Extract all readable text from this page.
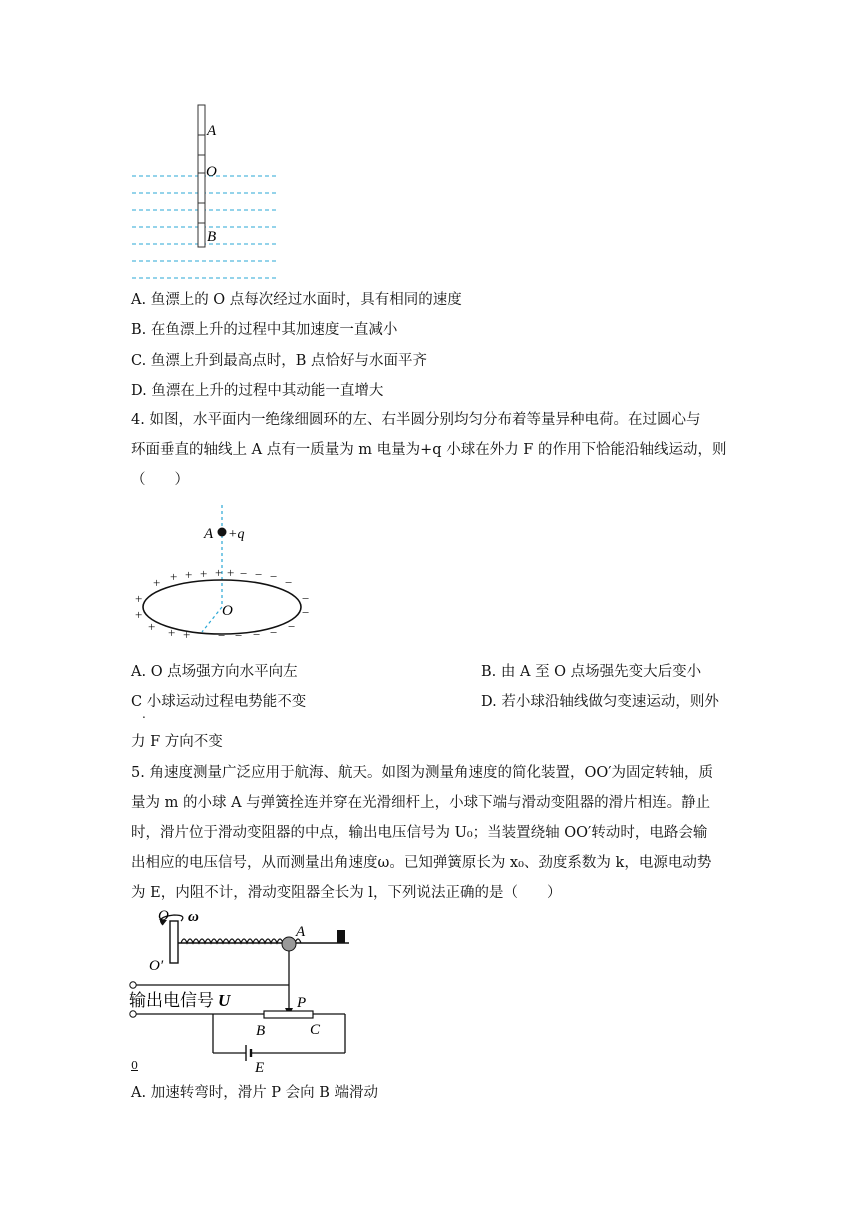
A
O
B
A. 鱼漂上的 O 点每次经过水面时，具有相同的速度
B. 在鱼漂上升的过程中其加速度一直减小
C. 鱼漂上升到最高点时，B 点恰好与水面平齐
D. 鱼漂在上升的过程中其动能一直增大
4. 如图，水平面内一绝缘细圆环的左、右半圆分别均匀分布着等量异种电荷。在过圆心与
环面垂直的轴线上 A 点有一质量为 m 电量为+q 小球在外力 F 的作用下恰能沿轴线运动，则
（　　）
A +q
O
+ + + +
+
+
+
+ + +
+ − − − −
−
−
−
−
−
−
−
A. O 点场强方向水平向左	B. 由 A 至 O 点场强先变大后变小
C 小球运动过程电势能不变
.
D. 若小球沿轴线做匀变速运动，则外
力 F 方向不变
5. 角速度测量广泛应用于航海、航天。如图为测量角速度的简化装置，OO′为固定转轴，质
量为 m 的小球 A 与弹簧拴连并穿在光滑细杆上，小球下端与滑动变阻器的滑片相连。静止
时，滑片位于滑动变阻器的中点，输出电压信号为 U₀；当装置绕轴 OO′转动时，电路会输
出相应的电压信号，从而测量出角速度ω。已知弹簧原长为 x₀、劲度系数为 k，电源电动势
为 E，内阻不计，滑动变阻器全长为 l，下列说法正确的是（　　）
O ω
O′
A
输出电信号 U	P
B	C
E
0
A. 加速转弯时，滑片 P 会向 B 端滑动
